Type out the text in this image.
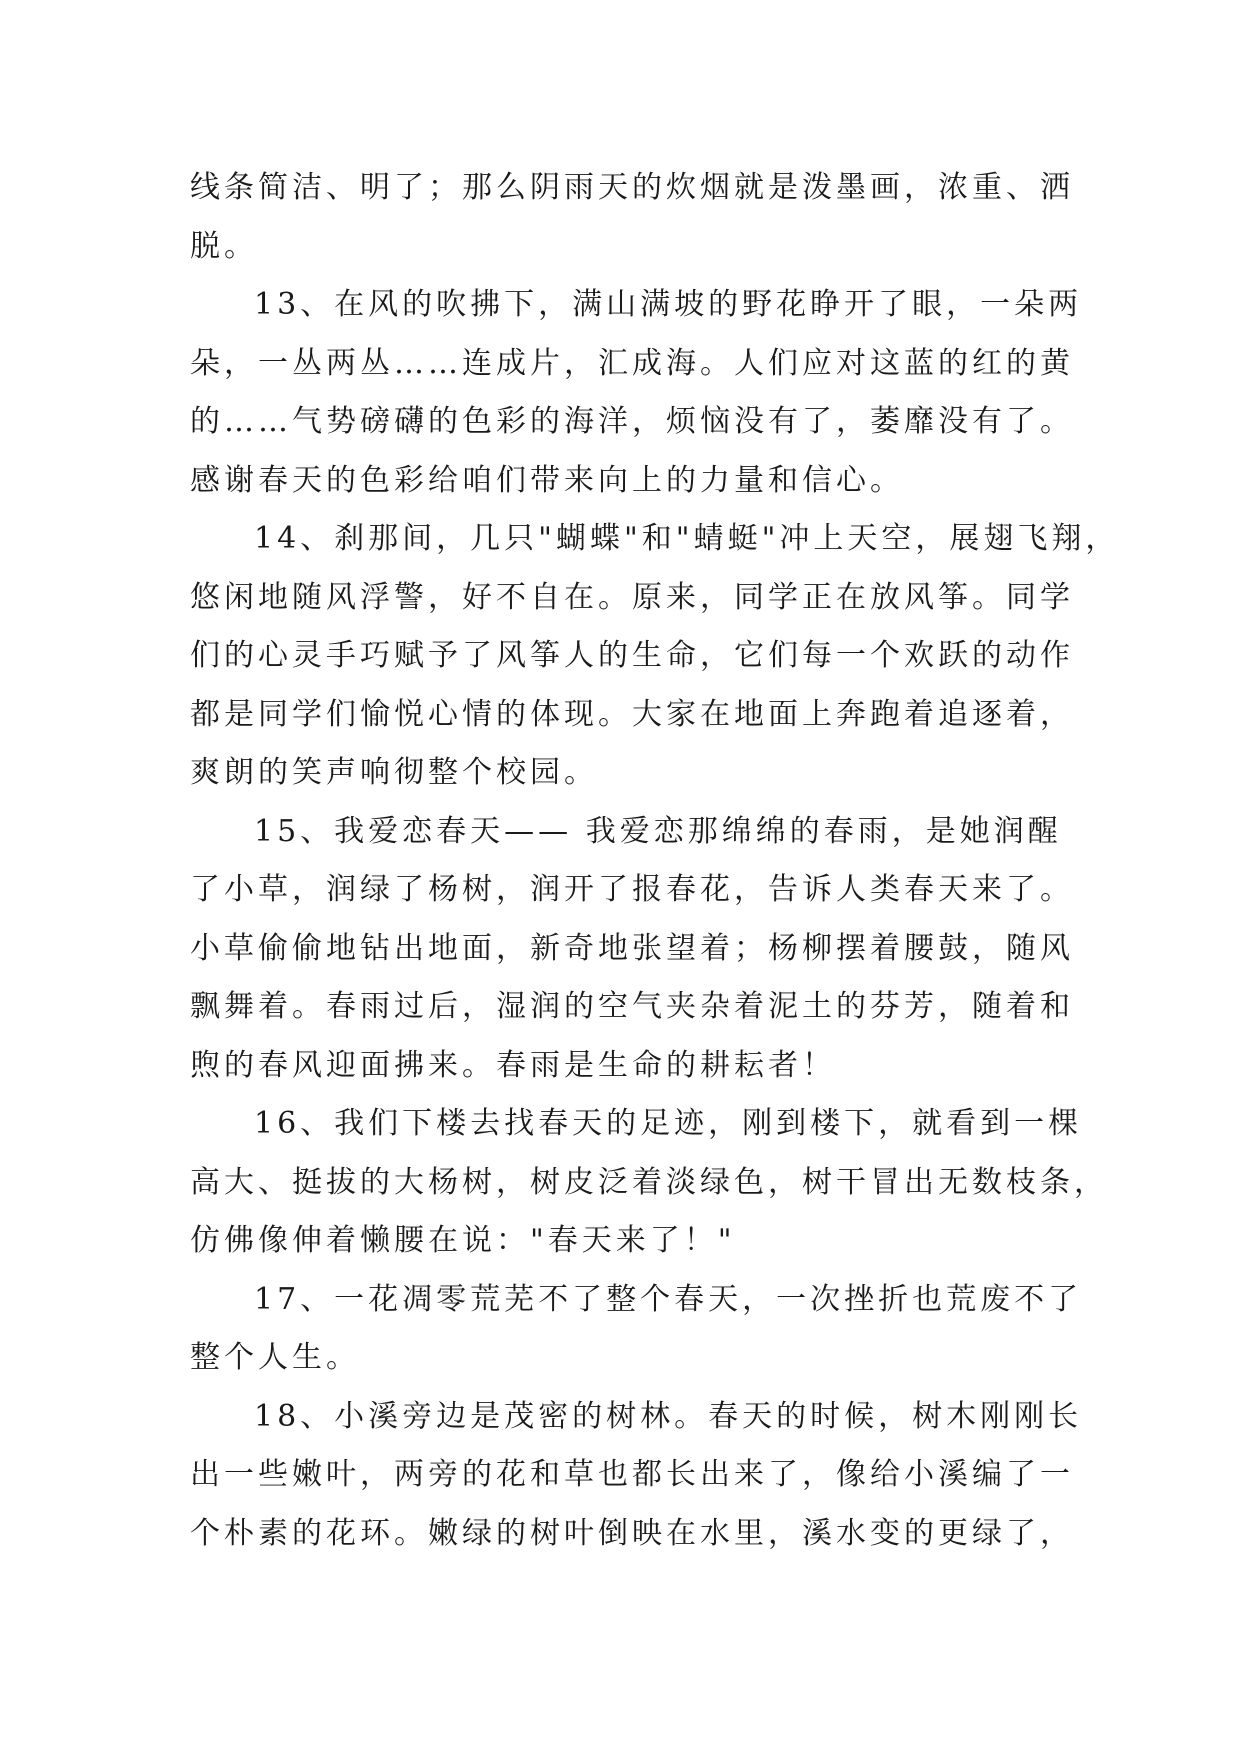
线条简洁、明了；那么阴雨天的炊烟就是泼墨画，浓重、洒
脱。
13、在风的吹拂下，满山满坡的野花睁开了眼，一朵两
朵，一丛两丛……连成片，汇成海。人们应对这蓝的红的黄
的……气势磅礴的色彩的海洋，烦恼没有了，萎靡没有了。
感谢春天的色彩给咱们带来向上的力量和信心。
14、刹那间，几只"蝴蝶"和"蜻蜓"冲上天空，展翅飞翔，
悠闲地随风浮警，好不自在。原来，同学正在放风筝。同学
们的心灵手巧赋予了风筝人的生命，它们每一个欢跃的动作
都是同学们愉悦心情的体现。大家在地面上奔跑着追逐着，
爽朗的笑声响彻整个校园。
15、我爱恋春天—— 我爱恋那绵绵的春雨，是她润醒
了小草，润绿了杨树，润开了报春花，告诉人类春天来了。
小草偷偷地钻出地面，新奇地张望着；杨柳摆着腰鼓，随风
飘舞着。春雨过后，湿润的空气夹杂着泥土的芬芳，随着和
煦的春风迎面拂来。春雨是生命的耕耘者！
16、我们下楼去找春天的足迹，刚到楼下，就看到一棵
高大、挺拔的大杨树，树皮泛着淡绿色，树干冒出无数枝条，
仿佛像伸着懒腰在说："春天来了！"
17、一花凋零荒芜不了整个春天，一次挫折也荒废不了
整个人生。
18、小溪旁边是茂密的树林。春天的时候，树木刚刚长
出一些嫩叶，两旁的花和草也都长出来了，像给小溪编了一
个朴素的花环。嫩绿的树叶倒映在水里，溪水变的更绿了，
